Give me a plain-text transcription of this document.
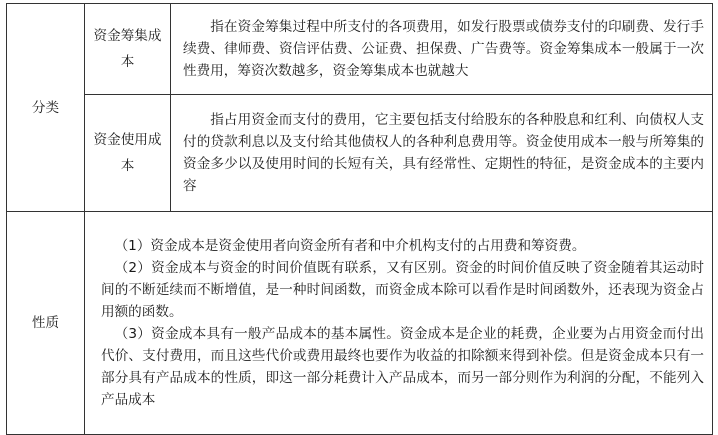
分类	资金筹集成本	指在资金筹集过程中所支付的各项费用，如发行股票或债券支付的印刷费、发行手续费、律师费、资信评估费、公证费、担保费、广告费等。资金筹集成本一般属于一次性费用，筹资次数越多，资金筹集成本也就越大
	资金使用成本	指占用资金而支付的费用，它主要包括支付给股东的各种股息和红利、向债权人支付的贷款利息以及支付给其他债权人的各种利息费用等。资金使用成本一般与所筹集的资金多少以及使用时间的长短有关，具有经常性、定期性的特征，是资金成本的主要内容
性质	（1）资金成本是资金使用者向资金所有者和中介机构支付的占用费和筹资费。

（2）资金成本与资金的时间价值既有联系，又有区别。资金的时间价值反映了资金随着其运动时间的不断延续而不断增值，是一种时间函数，而资金成本除可以看作是时间函数外，还表现为资金占用额的函数。

（3）资金成本具有一般产品成本的基本属性。资金成本是企业的耗费，企业要为占用资金而付出代价、支付费用，而且这些代价或费用最终也要作为收益的扣除额来得到补偿。但是资金成本只有一部分具有产品成本的性质，即这一部分耗费计入产品成本，而另一部分则作为利润的分配，不能列入产品成本	
